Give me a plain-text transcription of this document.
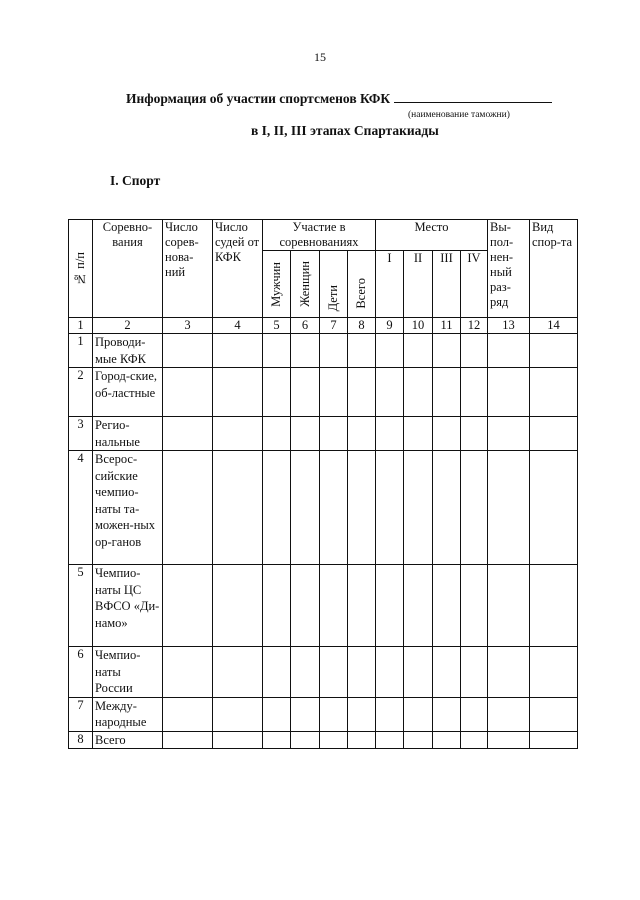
15
Информация об участии спортсменов КФК
(наименование таможни)
в I, II, III этапах Спартакиады
I. Спорт
№ п/п	Соревно-вания	Число сорев-нова-ний	Число судей от КФК	Участие в соревнованиях				Место				Вы-пол-нен-ный раз-ряд	Вид спор-та

				Мужчин	Женщин	Дети	Всего	I	II	III	IV		
1	2	3	4	5	6	7	8	9	10	11	12	13	14
1	Проводи-мые КФК												
2	Город-ские, об-ластные												
3	Регио-нальные												
4	Всерос-сийские чемпио-наты та-можен-ных ор-ганов												
5	Чемпио-наты ЦС ВФСО «Ди-намо»												
6	Чемпио-наты России												
7	Между-народные												
8	Всего												
